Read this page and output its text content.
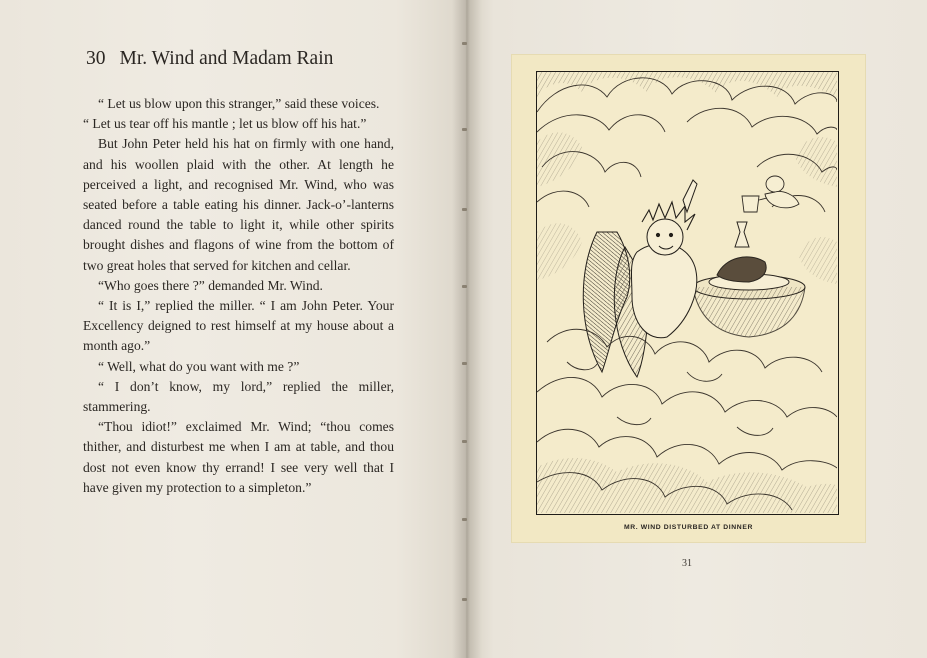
30 Mr. Wind and Madam Rain

“ Let us blow upon this stranger,” said these voices.

“ Let us tear off his mantle ; let us blow off his hat.”

But John Peter held his hat on firmly with one hand, and his woollen plaid with the other. At length he perceived a light, and recognised Mr. Wind, who was seated before a table eating his dinner. Jack-o’-lanterns danced round the table to light it, while other spirits brought dishes and flagons of wine from the bottom of two great holes that served for kitchen and cellar.

“Who goes there ?” demanded Mr. Wind.

“ It is I,” replied the miller. “ I am John Peter. Your Excellency deigned to rest himself at my house about a month ago.”

“ Well, what do you want with me ?”

“ I don’t know, my lord,” replied the miller, stammering.

“Thou idiot!” exclaimed Mr. Wind; “thou comes thither, and disturbest me when I am at table, and thou dost not even know thy errand! I see very well that I have given my protection to a simpleton.”

MR. WIND DISTURBED AT DINNER
31
